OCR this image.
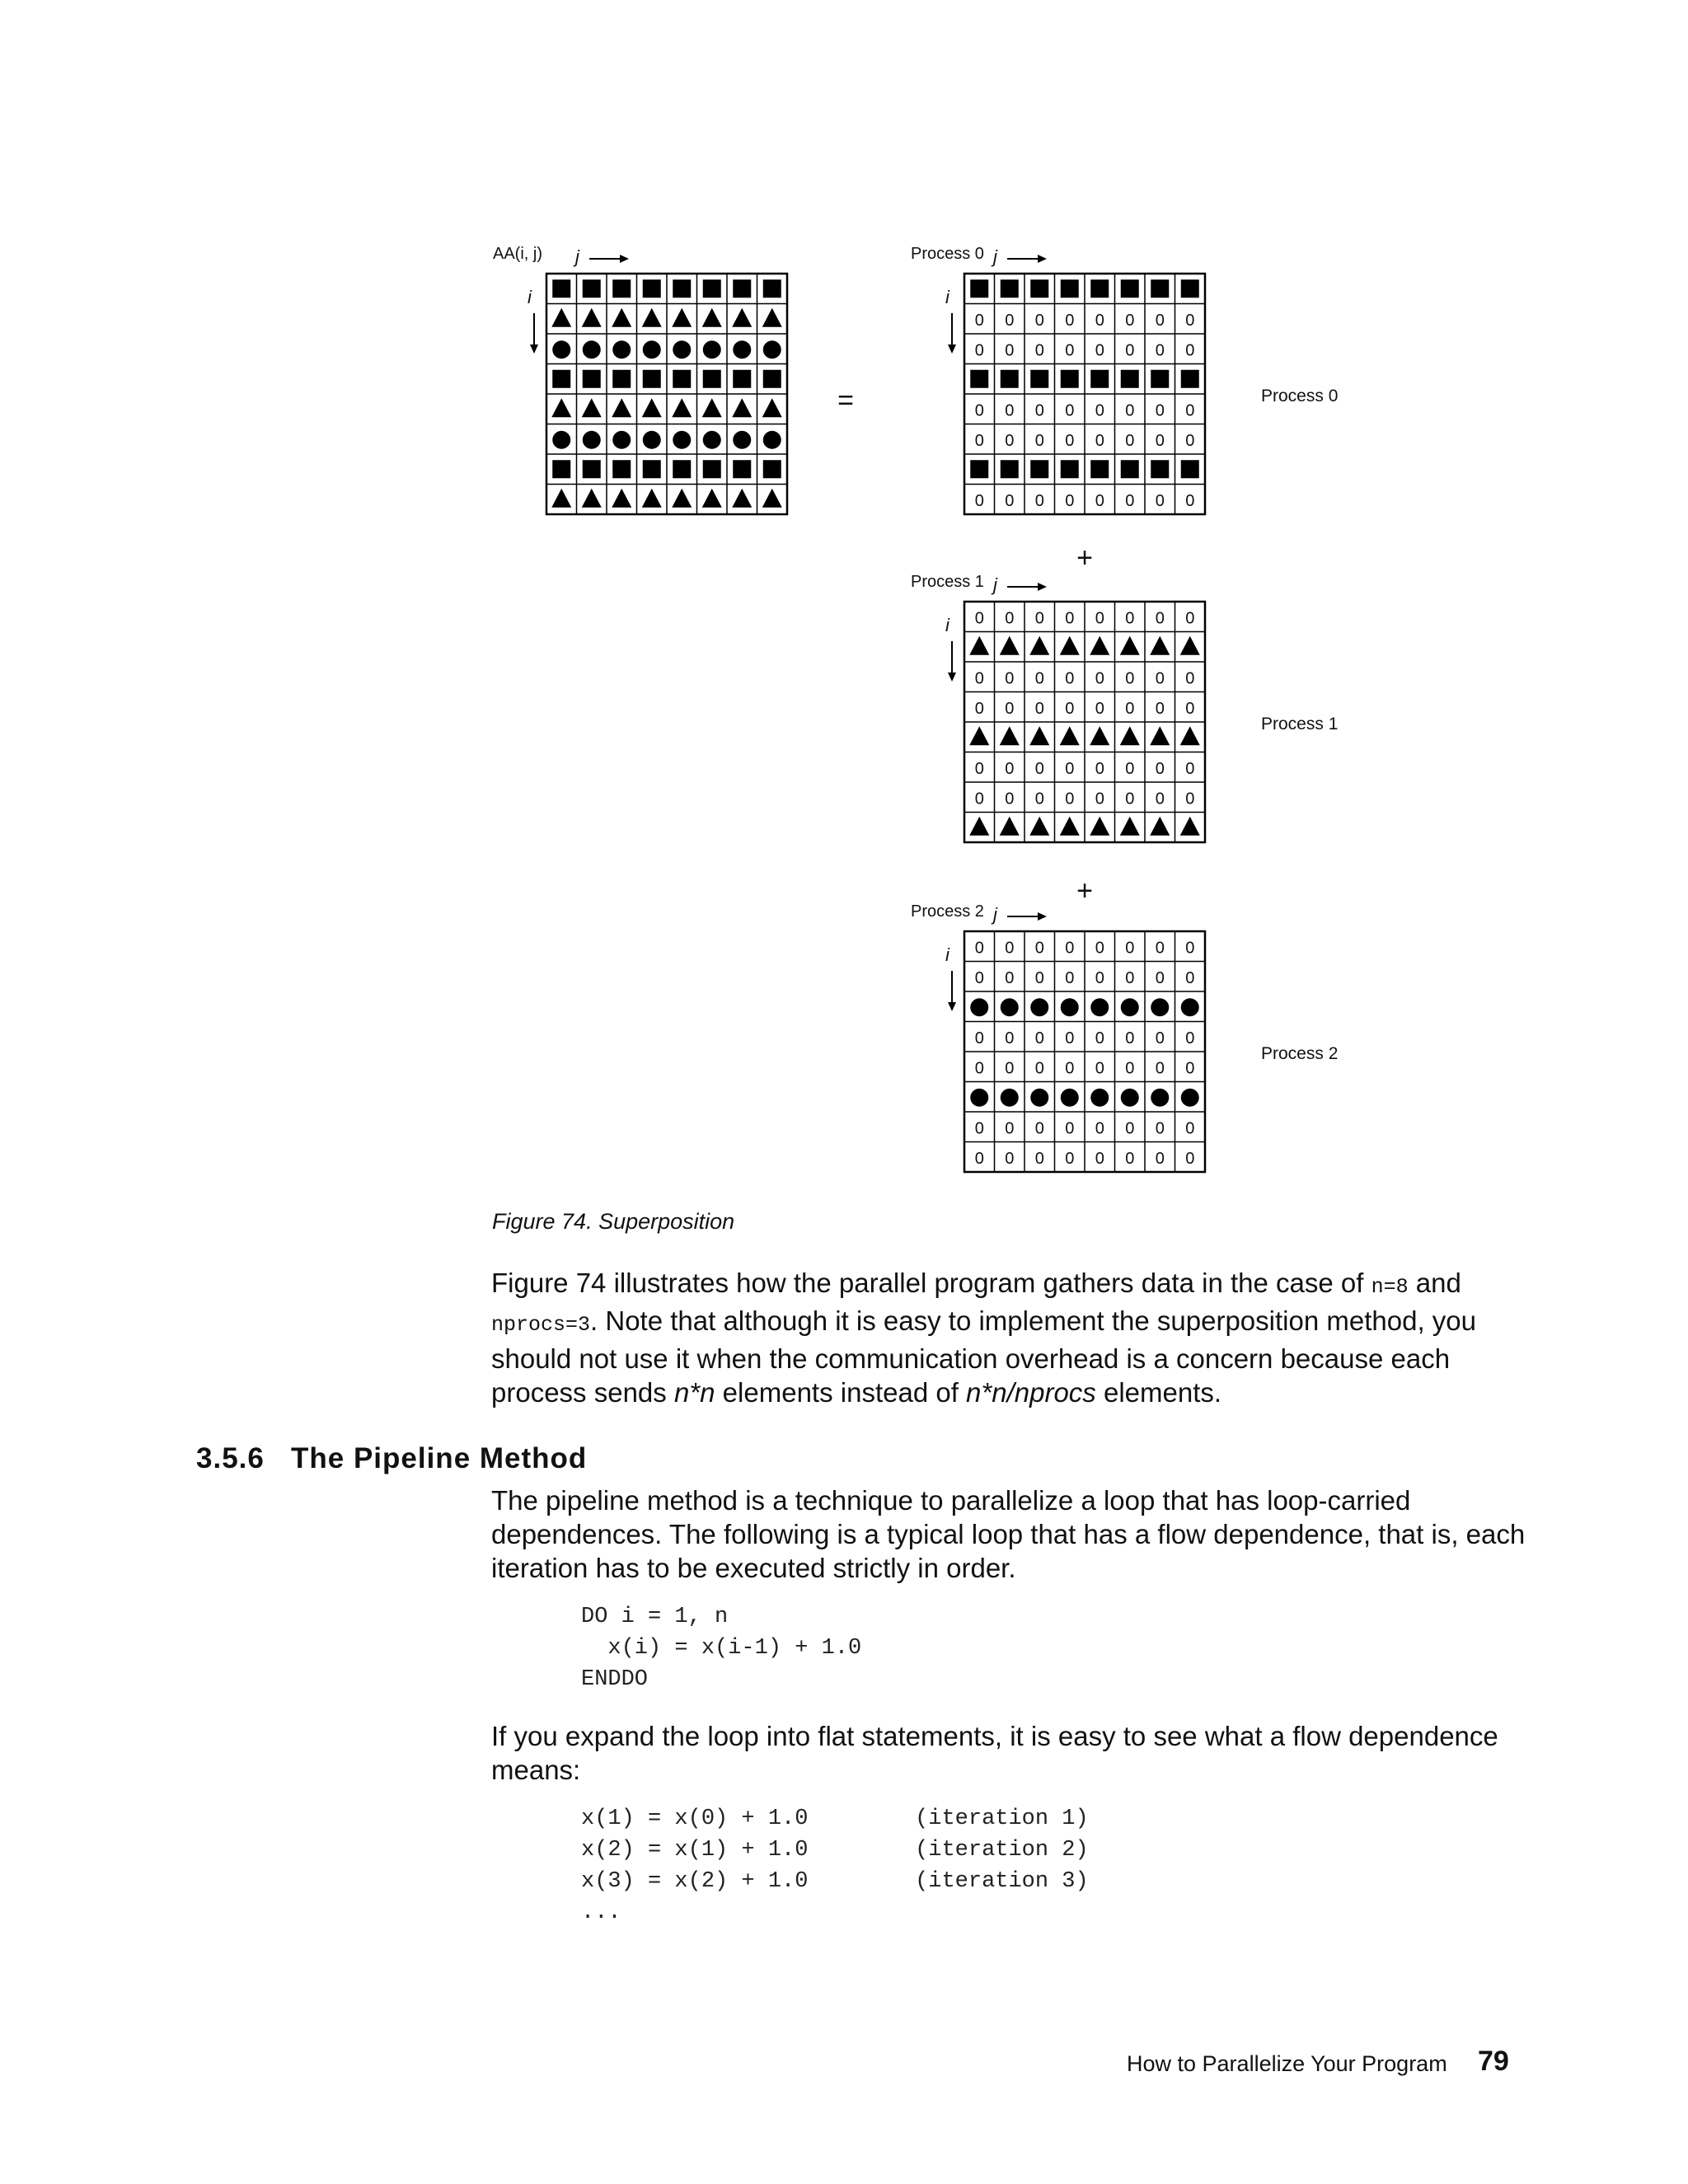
AA(i, j) j
i
Process 0 j
i
0 0 0 0 0 0 0 0
0 0 0 0 0 0 0 0
0 0 0 0 0 0 0 0
0 0 0 0 0 0 0 0
0 0 0 0 0 0 0 0
Process 0
Process 1 j
i 0 0 0 0 0 0 0 0
0 0 0 0 0 0 0 0
0 0 0 0 0 0 0 0
0 0 0 0 0 0 0 0
0 0 0 0 0 0 0 0
Process 1
Process 2 j
i 0 0 0 0 0 0 0 0
0 0 0 0 0 0 0 0
0 0 0 0 0 0 0 0
0 0 0 0 0 0 0 0
0 0 0 0 0 0 0 0
0 0 0 0 0 0 0 0
Process 2
=
+
+
Figure 74. Superposition
Figure 74 illustrates how the parallel program gathers data in the case of n=8 and nprocs=3. Note that although it is easy to implement the superposition method, you should not use it when the communication overhead is a concern because each process sends n*n elements instead of n*n/nprocs elements.
3.5.6 The Pipeline Method
The pipeline method is a technique to parallelize a loop that has loop-carried dependences. The following is a typical loop that has a flow dependence, that is, each iteration has to be executed strictly in order.
DO i = 1, n
x(i) = x(i-1) + 1.0
ENDDO
If you expand the loop into flat statements, it is easy to see what a flow dependence means:
x(1) = x(0) + 1.0        (iteration 1)
x(2) = x(1) + 1.0        (iteration 2)
x(3) = x(2) + 1.0        (iteration 3)
...
How to Parallelize Your Program 79
